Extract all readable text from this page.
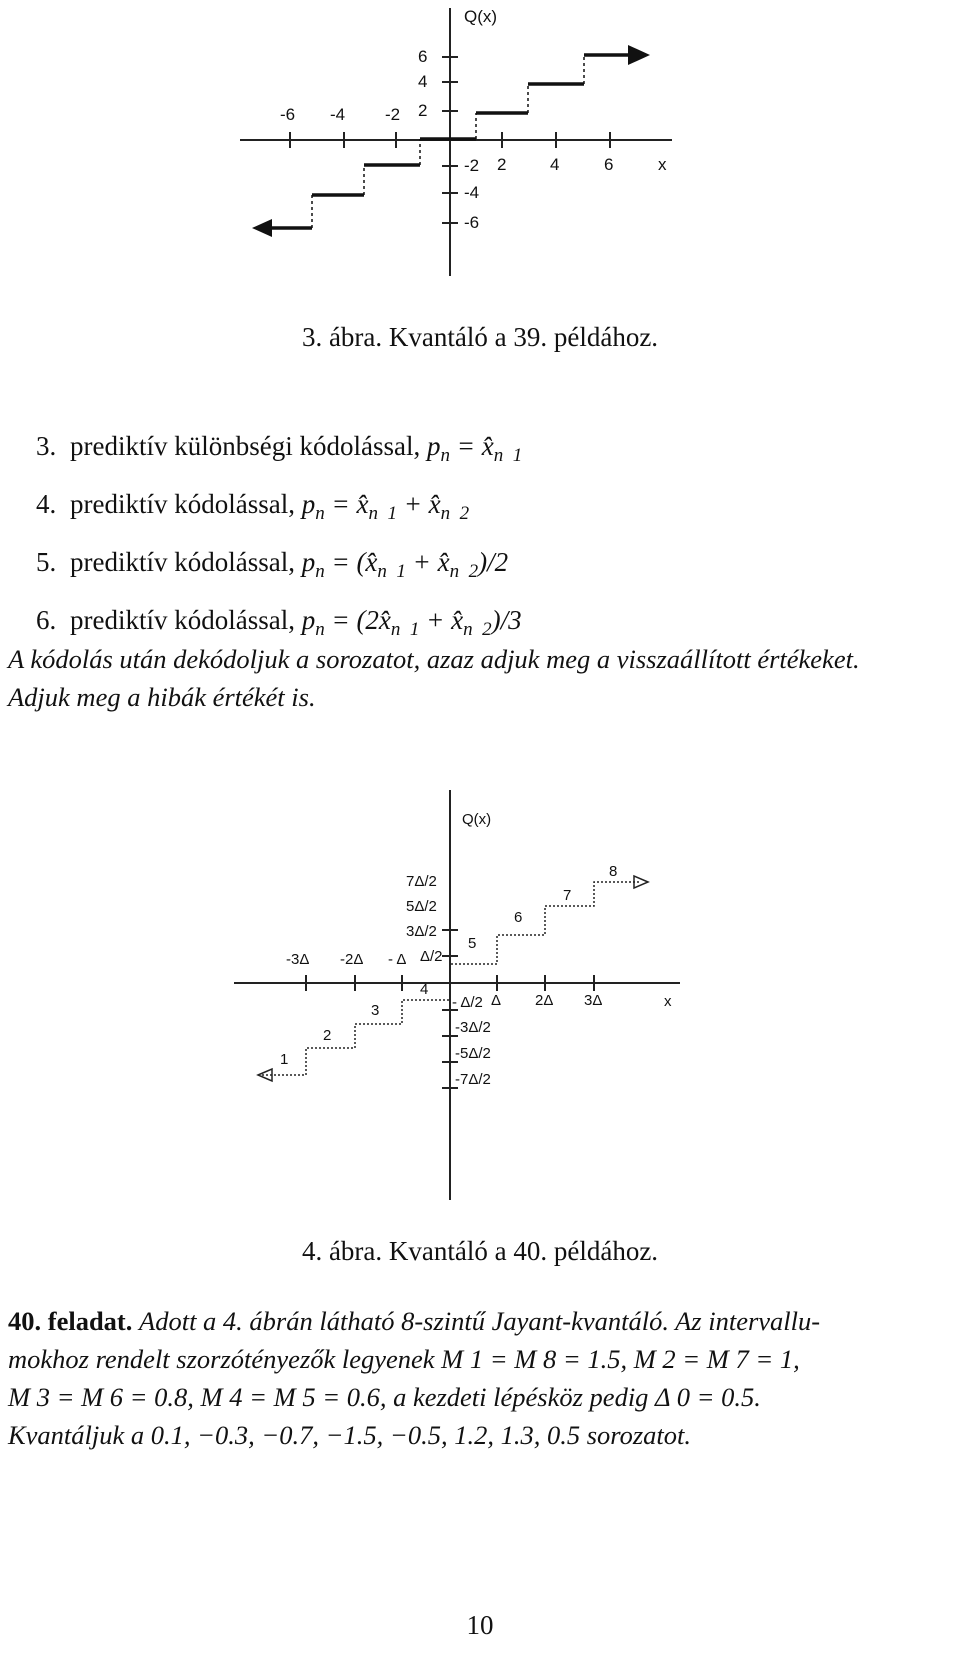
Q(x)
x
-6 -4 -2
2	4	6
6
4
2
-2
-4
-6
3. ábra. Kvantáló a 39. példához.
3. prediktív különbségi kódolással, $p_n$ = $x̂_{n 1}$
4. prediktív kódolással, $p_n$ = $x̂_{n 1}$ + $x̂_{n 2}$
5. prediktív kódolással, $p_n$ = ($x̂_{n 1}$ + $x̂_{n 2})/2$
6. prediktív kódolással, $p_n$ = ($2x̂_{n 1}$ + $x̂_{n 2})/3$
A kódolás után dekódoljuk a sorozatot, azaz adjuk meg a visszaállított értékeket.
Adjuk meg a hibák értékét is.
Q(x)
x
-3Δ -2Δ - Δ
Δ 2Δ 3Δ
7Δ/2
5Δ/2
3Δ/2
Δ/2
- Δ/2
-3Δ/2
-5Δ/2
-7Δ/2
1
2
3
4
5
6
7
8
4. ábra. Kvantáló a 40. példához.
40. feladat. Adott a 4. ábrán látható 8-szintű Jayant-kvantáló. Az intervallu-
mokhoz rendelt szorzótényezők legyenek M 1 = M 8 = 1.5, M 2 = M 7 = 1,
M 3 = M 6 = 0.8, M 4 = M 5 = 0.6, a kezdeti lépésköz pedig Δ 0 = 0.5.
Kvantáljuk a 0.1, −0.3, −0.7, −1.5, −0.5, 1.2, 1.3, 0.5 sorozatot.
10
